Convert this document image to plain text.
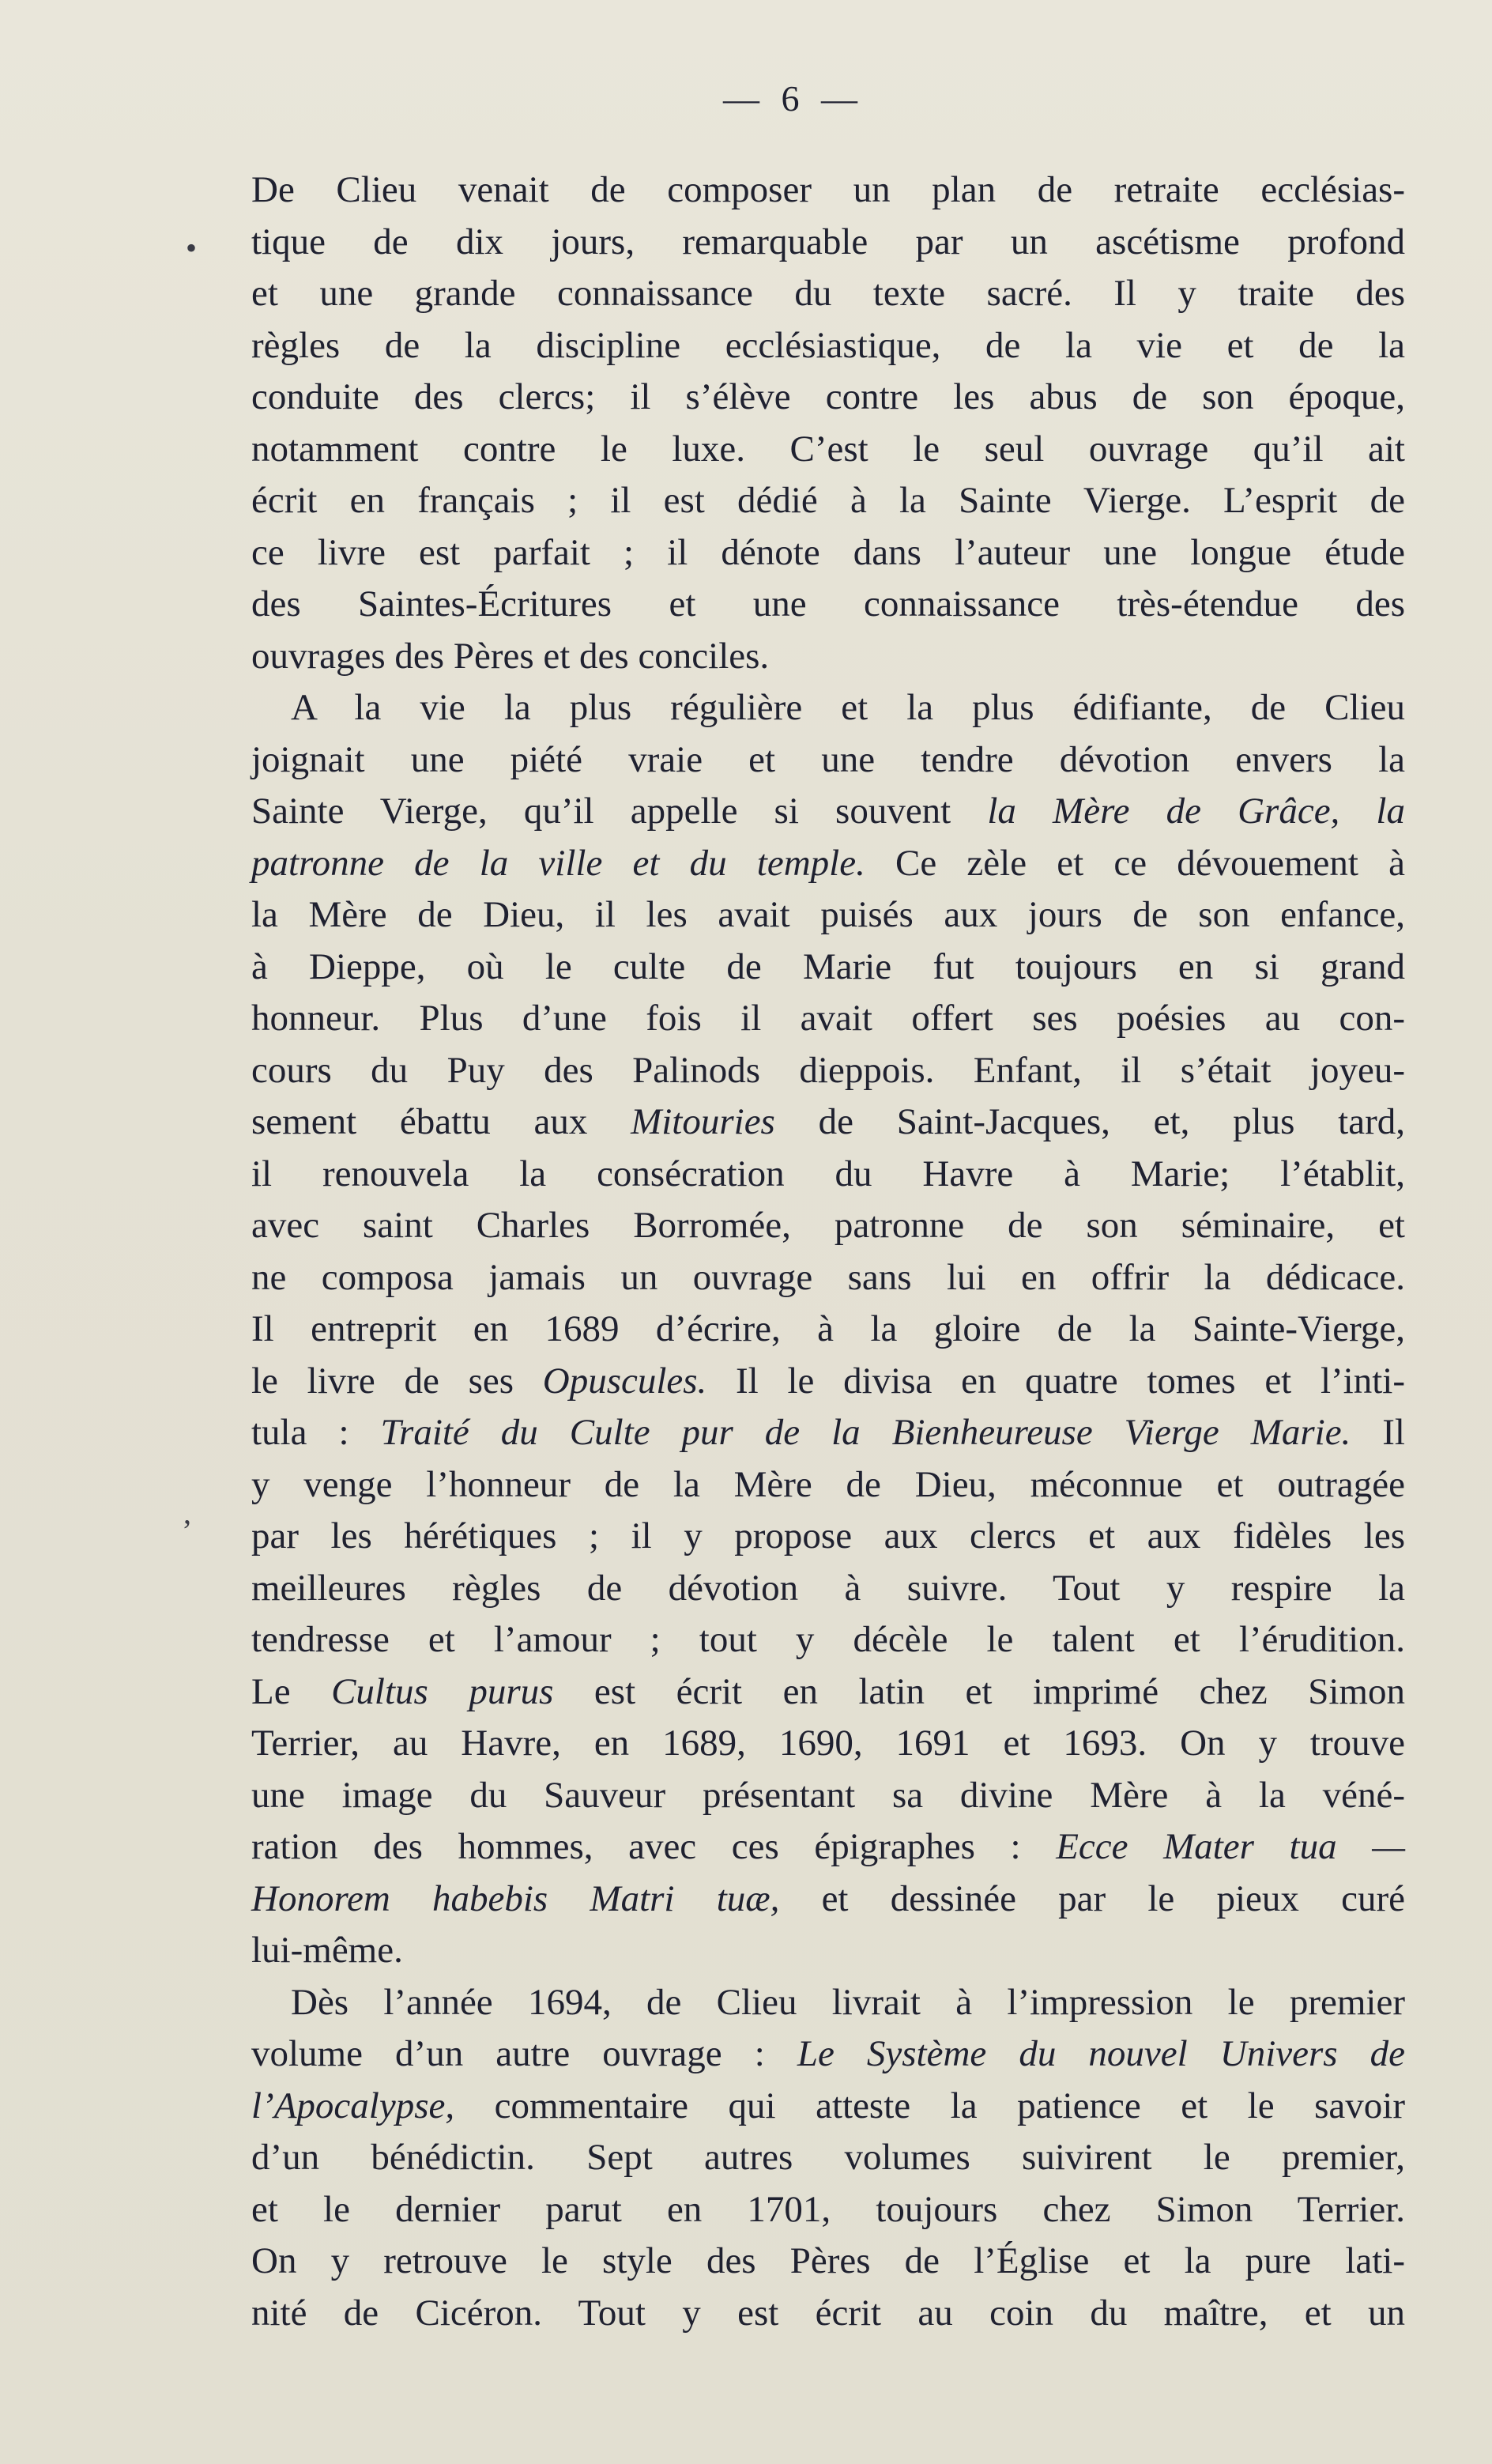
— 6 —
•
,
De Clieu venait de composer un plan de retraite ecclésias-
tique de dix jours, remarquable par un ascétisme profond
et une grande connaissance du texte sacré. Il y traite des
règles de la discipline ecclésiastique, de la vie et de la
conduite des clercs; il s’élève contre les abus de son époque,
notamment contre le luxe. C’est le seul ouvrage qu’il ait
écrit en français ; il est dédié à la Sainte Vierge. L’esprit de
ce livre est parfait ; il dénote dans l’auteur une longue étude
des Saintes-Écritures et une connaissance très-étendue des
ouvrages des Pères et des conciles.
A la vie la plus régulière et la plus édifiante, de Clieu
joignait une piété vraie et une tendre dévotion envers la
Sainte Vierge, qu’il appelle si souvent la Mère de Grâce, la
patronne de la ville et du temple. Ce zèle et ce dévouement à
la Mère de Dieu, il les avait puisés aux jours de son enfance,
à Dieppe, où le culte de Marie fut toujours en si grand
honneur. Plus d’une fois il avait offert ses poésies au con-
cours du Puy des Palinods dieppois. Enfant, il s’était joyeu-
sement ébattu aux Mitouries de Saint-Jacques, et, plus tard,
il renouvela la consécration du Havre à Marie; l’établit,
avec saint Charles Borromée, patronne de son séminaire, et
ne composa jamais un ouvrage sans lui en offrir la dédicace.
Il entreprit en 1689 d’écrire, à la gloire de la Sainte-Vierge,
le livre de ses Opuscules. Il le divisa en quatre tomes et l’inti-
tula : Traité du Culte pur de la Bienheureuse Vierge Marie. Il
y venge l’honneur de la Mère de Dieu, méconnue et outragée
par les hérétiques ; il y propose aux clercs et aux fidèles les
meilleures règles de dévotion à suivre. Tout y respire la
tendresse et l’amour ; tout y décèle le talent et l’érudition.
Le Cultus purus est écrit en latin et imprimé chez Simon
Terrier, au Havre, en 1689, 1690, 1691 et 1693. On y trouve
une image du Sauveur présentant sa divine Mère à la véné-
ration des hommes, avec ces épigraphes : Ecce Mater tua —
Honorem habebis Matri tuæ, et dessinée par le pieux curé
lui-même.
Dès l’année 1694, de Clieu livrait à l’impression le premier
volume d’un autre ouvrage : Le Système du nouvel Univers de
l’Apocalypse, commentaire qui atteste la patience et le savoir
d’un bénédictin. Sept autres volumes suivirent le premier,
et le dernier parut en 1701, toujours chez Simon Terrier.
On y retrouve le style des Pères de l’Église et la pure lati-
nité de Cicéron. Tout y est écrit au coin du maître, et un
